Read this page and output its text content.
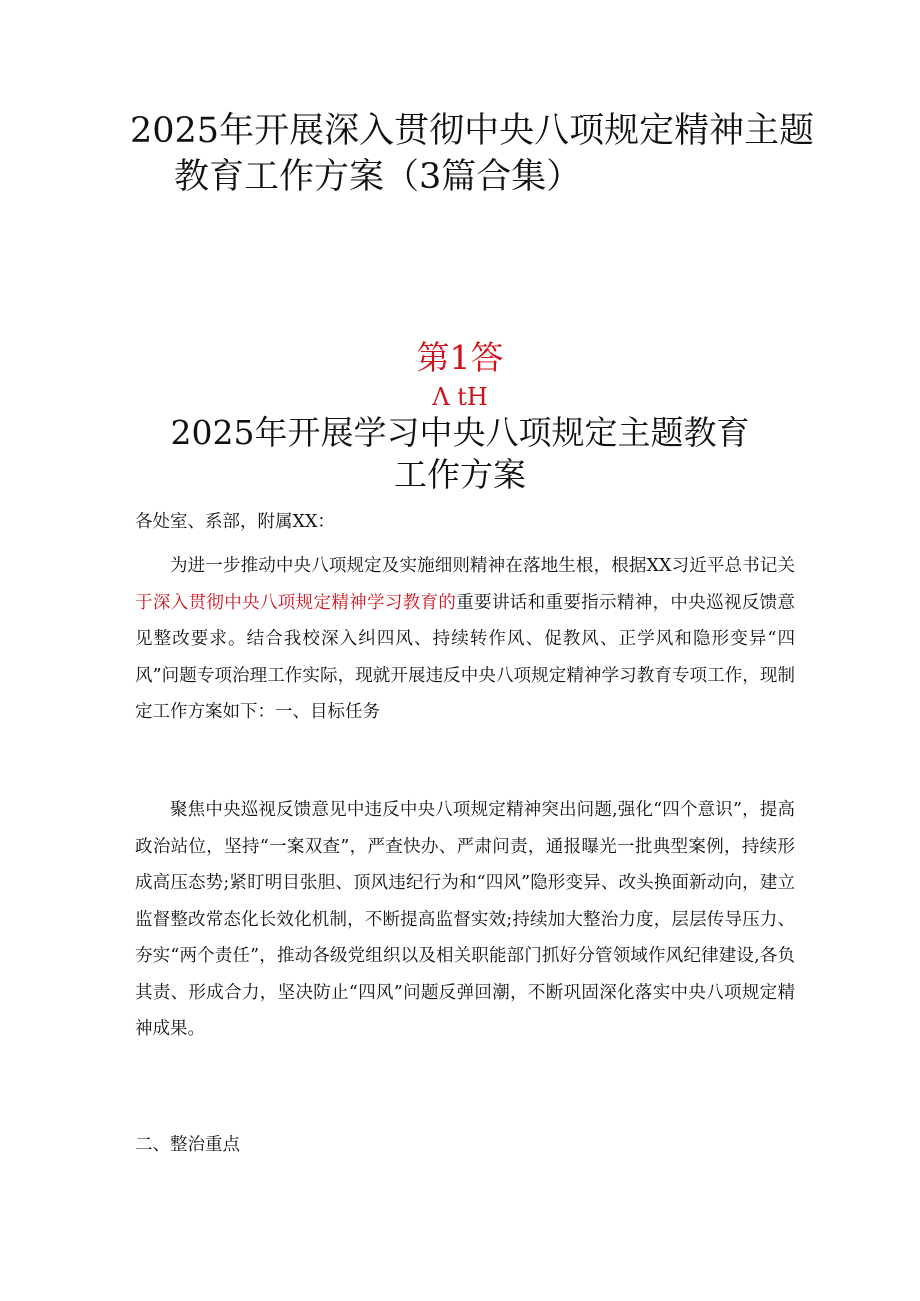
2025年开展深入贯彻中央八项规定精神主题
教育工作方案（3篇合集）
第1答
Λ tH
2025年开展学习中央八项规定主题教育
工作方案

各处室、系部，附属XX：

为进一步推动中央八项规定及实施细则精神在落地生根，根据XX习近平总书记关于深入贯彻中央八项规定精神学习教育的重要讲话和重要指示精神，中央巡视反馈意见整改要求。结合我校深入纠四风、持续转作风、促教风、正学风和隐形变异“四风”问题专项治理工作实际，现就开展违反中央八项规定精神学习教育专项工作，现制定工作方案如下：一、目标任务

聚焦中央巡视反馈意见中违反中央八项规定精神突出问题,强化“四个意识”，提高政治站位，坚持“一案双查”，严查快办、严肃问责，通报曝光一批典型案例，持续形成高压态势;紧盯明目张胆、顶风违纪行为和“四风”隐形变异、改头换面新动向，建立监督整改常态化长效化机制，不断提高监督实效;持续加大整治力度，层层传导压力、夯实“两个责任”，推动各级党组织以及相关职能部门抓好分管领域作风纪律建设,各负其责、形成合力，坚决防止“四风”问题反弹回潮，不断巩固深化落实中央八项规定精神成果。

二、整治重点
